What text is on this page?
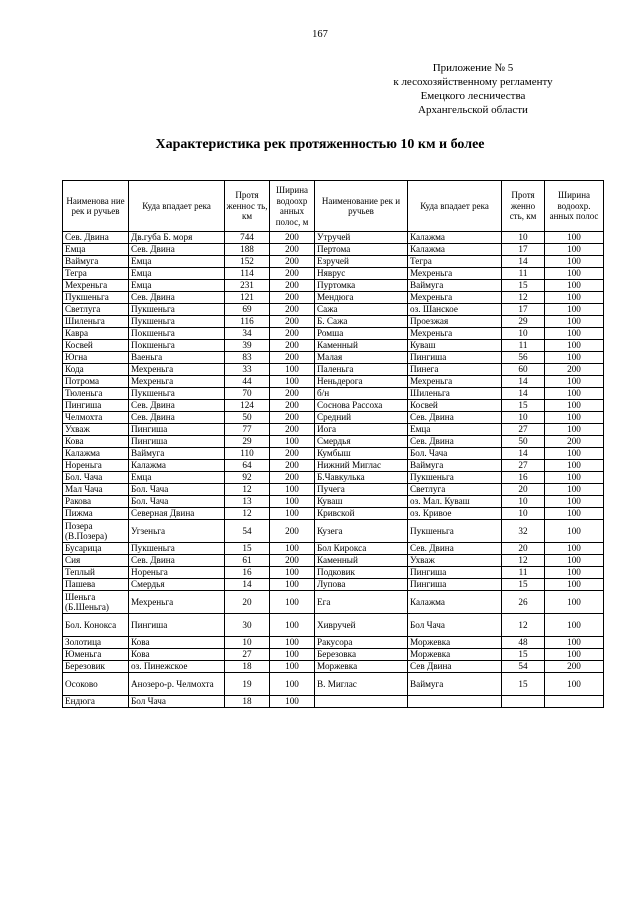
167
Приложение № 5
к лесохозяйственному регламенту
Емецкого лесничества
Архангельской области
Характеристика рек протяженностью 10 км и более
Наименова ние рек и ручьев	Куда впадает река	Протя женнос ть, км	Ширина водоохр анных полос, м	Наименование рек и ручьев	Куда впадает река	Протя женно сть, км	Ширина водоохр. анных полос
Сев. Двина	Дв.губа Б. моря	744	200	Утручей	Калажма	10	100
Емца	Сев. Двина	188	200	Пертома	Калажма	17	100
Ваймуга	Емца	152	200	Езручей	Тегра	14	100
Тегра	Емца	114	200	Няврус	Мехреньга	11	100
Мехреньга	Емца	231	200	Пуртомка	Ваймуга	15	100
Пукшеньга	Сев. Двина	121	200	Мендюга	Мехреньга	12	100
Светлуга	Пукшеньга	69	200	Сажа	оз. Шанское	17	100
Шиленьга	Пукшеньга	116	200	Б. Сажа	Проезжая	29	100
Кавра	Покшеньга	34	200	Ромша	Мехреньга	10	100
Косвей	Покшеньга	39	200	Каменный	Куваш	11	100
Югна	Ваеньга	83	200	Малая	Пингиша	56	100
Кода	Мехреньга	33	100	Паленьга	Пинега	60	200
Потрома	Мехреньга	44	100	Неньдерога	Мехреньга	14	100
Тюленьга	Пукшеньга	70	200	б/н	Шиленьга	14	100
Пингиша	Сев. Двина	124	200	Соснова Рассоха	Косвей	15	100
Челмохта	Сев. Двина	50	200	Средний	Сев. Двина	10	100
Ухваж	Пингиша	77	200	Иога	Емца	27	100
Кова	Пингиша	29	100	Смердья	Сев. Двина	50	200
Калажма	Ваймуга	110	200	Кумбыш	Бол. Чача	14	100
Нореньга	Калажма	64	200	Нижний Миглас	Ваймуга	27	100
Бол. Чача	Емца	92	200	Б.Чавкулька	Пукшеньга	16	100
Мал Чача	Бол. Чача	12	100	Пучега	Светлуга	20	100
Ракова	Бол. Чача	13	100	Куваш	оз. Мал. Куваш	10	100
Пижма	Северная Двина	12	100	Кривской	оз. Кривое	10	100
Позера (В.Позера)	Угзеньга	54	200	Кузега	Пукшеньга	32	100
Бусарица	Пукшеньга	15	100	Бол Кирокса	Сев. Двина	20	100
Сия	Сев. Двина	61	200	Каменный	Ухваж	12	100
Теплый	Нореньга	16	100	Подковик	Пингиша	11	100
Пашева	Смердья	14	100	Лупова	Пингиша	15	100
Шеньга (Б.Шеньга)	Мехреньга	20	100	Ега	Калажма	26	100
Бол. Конокса	Пингиша	30	100	Хивручей	Бол Чача	12	100
Золотица	Кова	10	100	Ракусора	Моржевка	48	100
Юменьга	Кова	27	100	Березовка	Моржевка	15	100
Березовик	оз. Пинежское	18	100	Моржевка	Сев Двина	54	200
Осоково	Анозеро-р. Челмохта	19	100	В. Миглас	Ваймуга	15	100
Ендюга	Бол Чача	18	100				
